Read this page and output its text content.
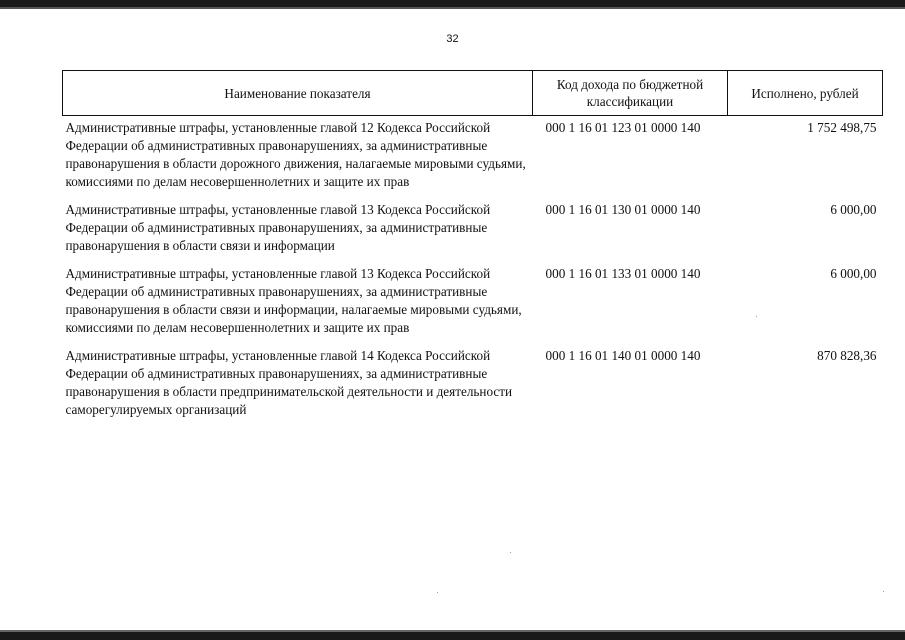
32
Наименование показателя	Код дохода по бюджетной классификации	Исполнено, рублей
Административные штрафы, установленные главой 12 Кодекса Российской Федерации об административных правонарушениях, за административные правонарушения в области дорожного движения, налагаемые мировыми судьями, комиссиями по делам несовершеннолетних и защите их прав	000 1 16 01 123 01 0000 140	1 752 498,75
Административные штрафы, установленные главой 13 Кодекса Российской Федерации об административных правонарушениях, за административные правонарушения в области связи и информации	000 1 16 01 130 01 0000 140	6 000,00
Административные штрафы, установленные главой 13 Кодекса Российской Федерации об административных правонарушениях, за административные правонарушения в области связи и информации, налагаемые мировыми судьями, комиссиями по делам несовершеннолетних и защите их прав	000 1 16 01 133 01 0000 140	6 000,00
Административные штрафы, установленные главой 14 Кодекса Российской Федерации об административных правонарушениях, за административные правонарушения в области предпринимательской деятельности и деятельности саморегулируемых организаций	000 1 16 01 140 01 0000 140	870 828,36
